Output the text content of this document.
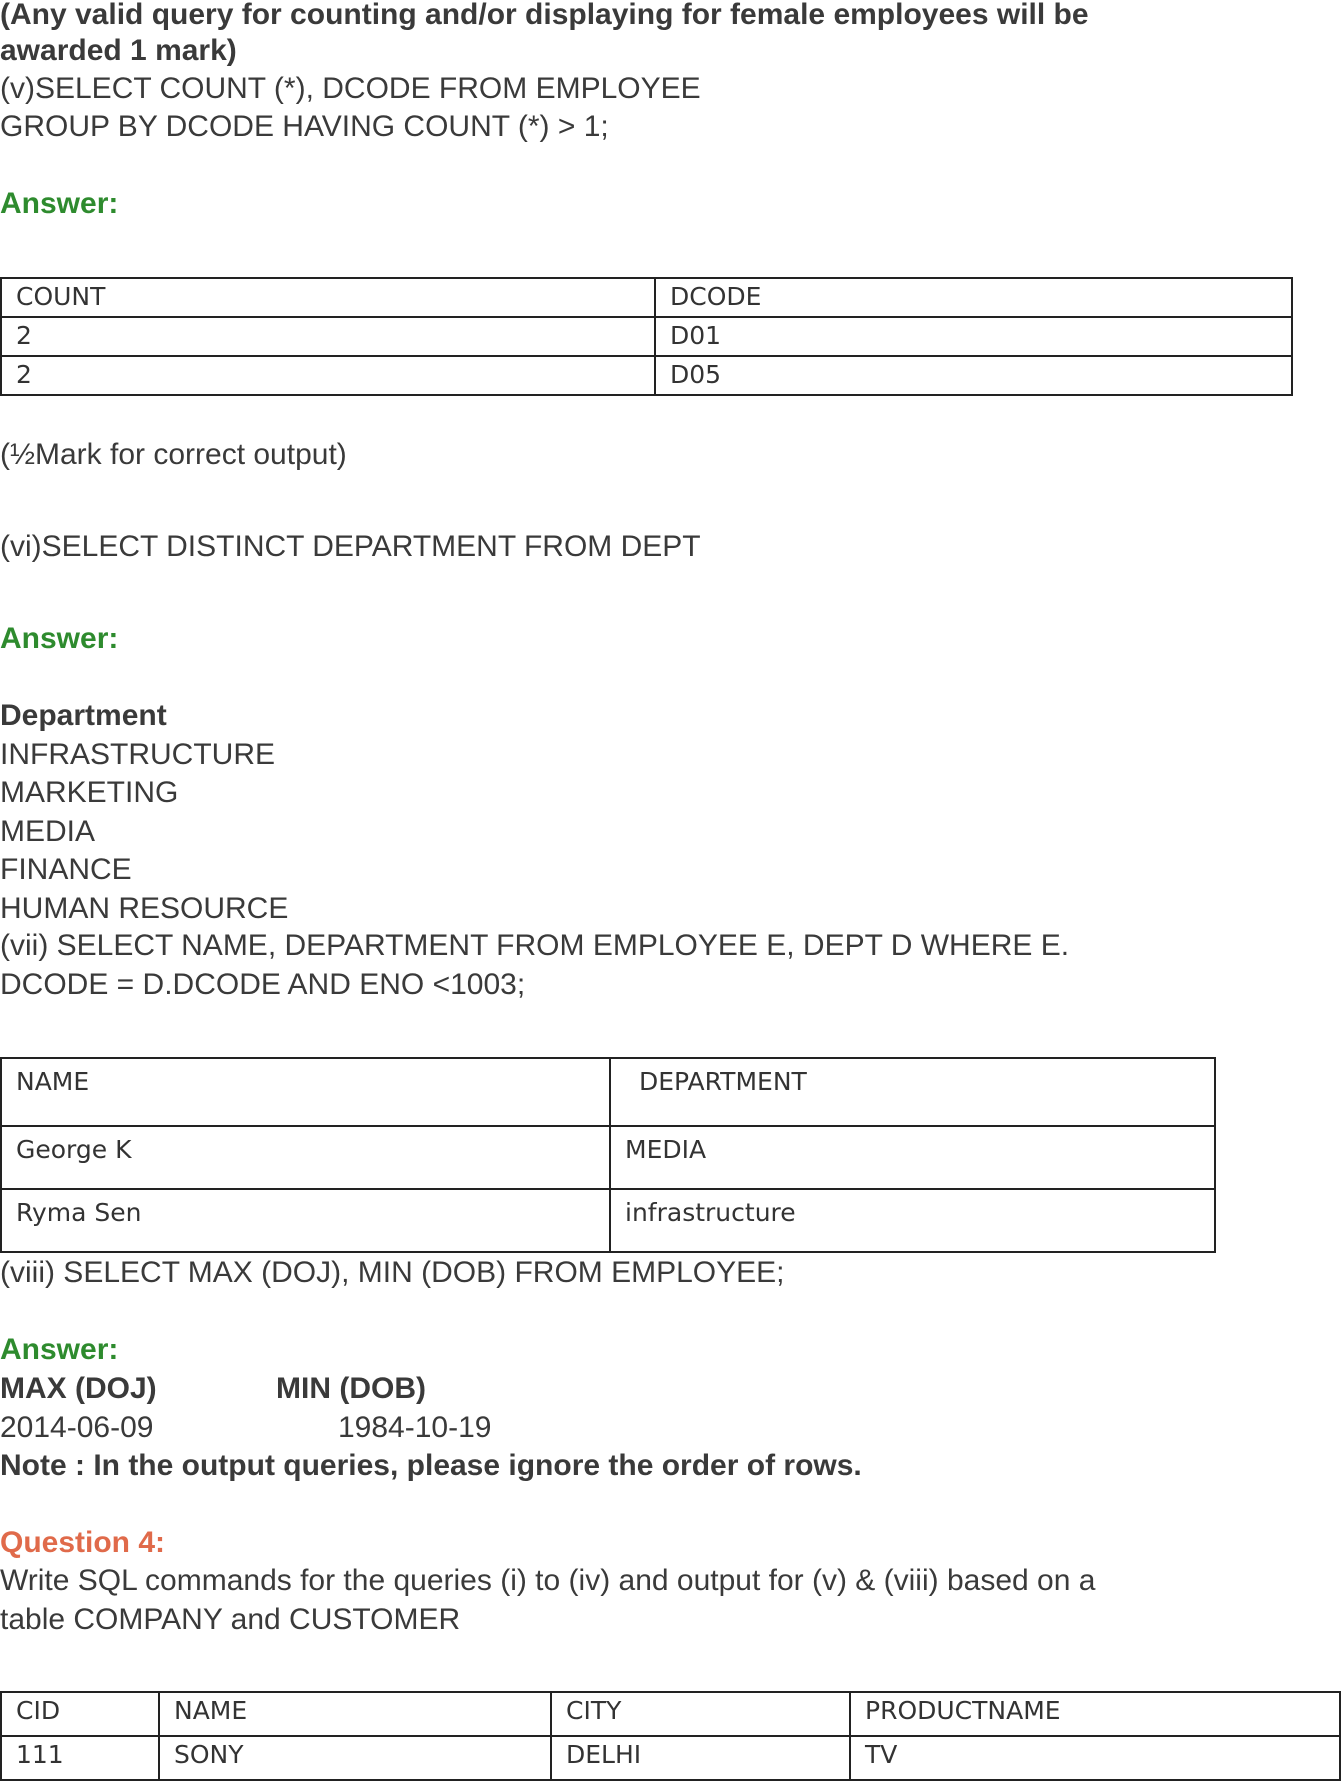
(Any valid query for counting and/or displaying for female employees will be
awarded 1 mark)
(v)SELECT COUNT (*), DCODE FROM EMPLOYEE
GROUP BY DCODE HAVING COUNT (*) > 1;
Answer:
COUNT	DCODE
2	D01
2	D05
(½Mark for correct output)
(vi)SELECT DISTINCT DEPARTMENT FROM DEPT
Answer:
Department
INFRASTRUCTURE
MARKETING
MEDIA
FINANCE
HUMAN RESOURCE
(vii) SELECT NAME, DEPARTMENT FROM EMPLOYEE E, DEPT D WHERE E.
DCODE = D.DCODE AND ENO <1003;
NAME	DEPARTMENT
George K	MEDIA
Ryma Sen	infrastructure
(viii) SELECT MAX (DOJ), MIN (DOB) FROM EMPLOYEE;
Answer:
MAX (DOJ)	MIN (DOB)
2014-06-09	1984-10-19
Note : In the output queries, please ignore the order of rows.
Question 4:
Write SQL commands for the queries (i) to (iv) and output for (v) & (viii) based on a
table COMPANY and CUSTOMER
CID	NAME	CITY	PRODUCTNAME
111	SONY	DELHI	TV
